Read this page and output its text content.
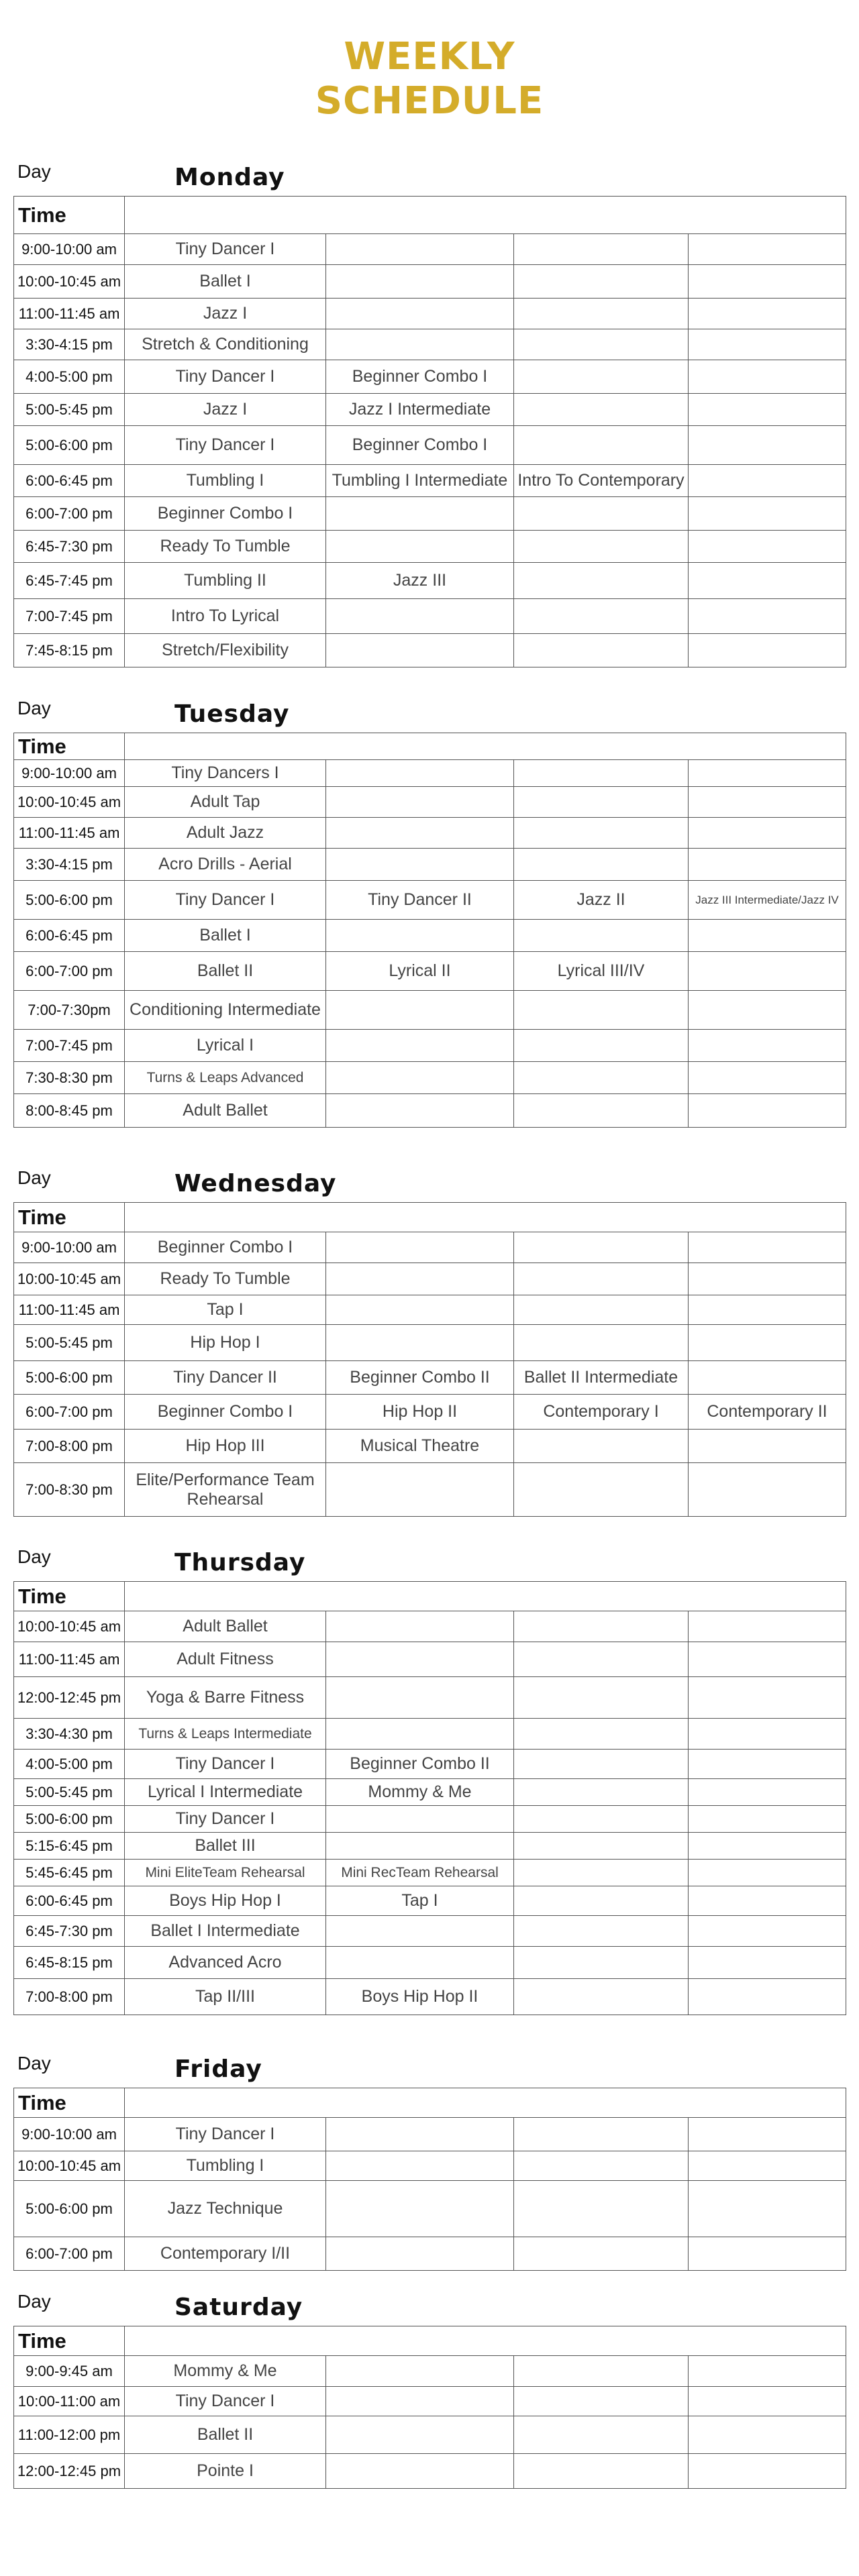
WEEKLY
SCHEDULE
Day	Monday
Time				
9:00-10:00 am	Tiny Dancer I			
10:00-10:45 am	Ballet I			
11:00-11:45 am	Jazz I			
3:30-4:15 pm	Stretch & Conditioning			
4:00-5:00 pm	Tiny Dancer I	Beginner Combo I		
5:00-5:45 pm	Jazz I	Jazz I Intermediate		
5:00-6:00 pm	Tiny Dancer I	Beginner Combo I		
6:00-6:45 pm	Tumbling I	Tumbling I Intermediate	Intro To Contemporary	
6:00-7:00 pm	Beginner Combo I			
6:45-7:30 pm	Ready To Tumble			
6:45-7:45 pm	Tumbling II	Jazz III		
7:00-7:45 pm	Intro To Lyrical			
7:45-8:15 pm	Stretch/Flexibility			
Day	Tuesday
Time				
9:00-10:00 am	Tiny Dancers I			
10:00-10:45 am	Adult Tap			
11:00-11:45 am	Adult Jazz			
3:30-4:15 pm	Acro Drills - Aerial			
5:00-6:00 pm	Tiny Dancer I	Tiny Dancer II	Jazz II	Jazz III Intermediate/Jazz IV
6:00-6:45 pm	Ballet I			
6:00-7:00 pm	Ballet II	Lyrical II	Lyrical III/IV	
7:00-7:30pm	Conditioning Intermediate			
7:00-7:45 pm	Lyrical I			
7:30-8:30 pm	Turns & Leaps Advanced			
8:00-8:45 pm	Adult Ballet			
Day	Wednesday
Time				
9:00-10:00 am	Beginner Combo I			
10:00-10:45 am	Ready To Tumble			
11:00-11:45 am	Tap I			
5:00-5:45 pm	Hip Hop I			
5:00-6:00 pm	Tiny Dancer II	Beginner Combo II	Ballet II Intermediate	
6:00-7:00 pm	Beginner Combo I	Hip Hop II	Contemporary I	Contemporary II
7:00-8:00 pm	Hip Hop III	Musical Theatre		
7:00-8:30 pm	Elite/Performance Team Rehearsal			
Day	Thursday
Time				
10:00-10:45 am	Adult Ballet			
11:00-11:45 am	Adult Fitness			
12:00-12:45 pm	Yoga & Barre Fitness			
3:30-4:30 pm	Turns & Leaps Intermediate			
4:00-5:00 pm	Tiny Dancer I	Beginner Combo II		
5:00-5:45 pm	Lyrical I Intermediate	Mommy & Me		
5:00-6:00 pm	Tiny Dancer I			
5:15-6:45 pm	Ballet III			
5:45-6:45 pm	Mini EliteTeam Rehearsal	Mini RecTeam Rehearsal		
6:00-6:45 pm	Boys Hip Hop I	Tap I		
6:45-7:30 pm	Ballet I Intermediate			
6:45-8:15 pm	Advanced Acro			
7:00-8:00 pm	Tap II/III	Boys Hip Hop II		
Day	Friday
Time				
9:00-10:00 am	Tiny Dancer I			
10:00-10:45 am	Tumbling I			
5:00-6:00 pm	Jazz Technique			
6:00-7:00 pm	Contemporary I/II			
Day	Saturday
Time				
9:00-9:45 am	Mommy & Me			
10:00-11:00 am	Tiny Dancer I			
11:00-12:00 pm	Ballet II			
12:00-12:45 pm	Pointe I			
